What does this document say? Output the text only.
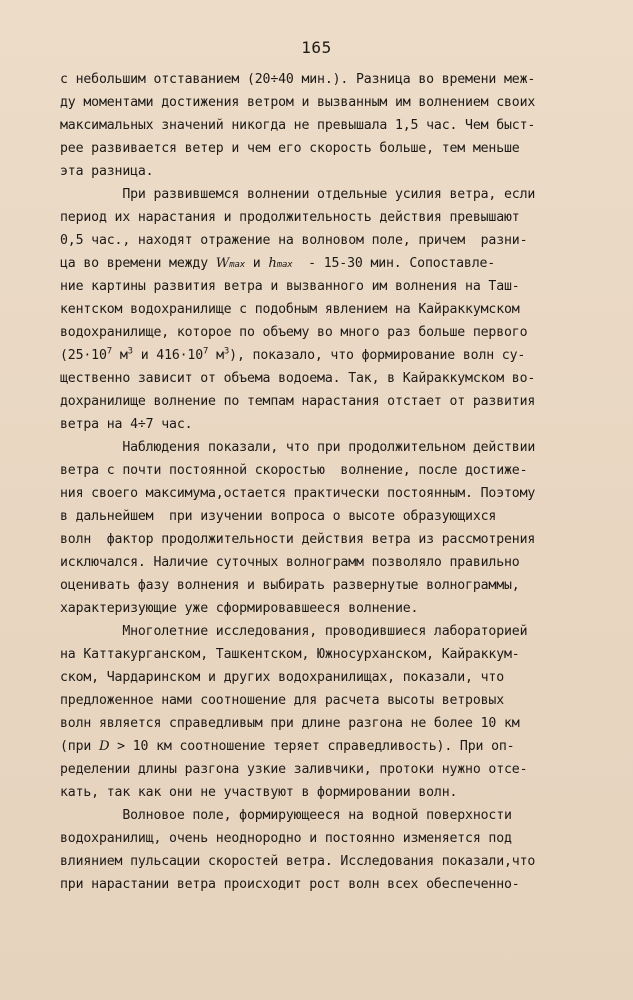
165
с небольшим отставанием (20÷40 мин.). Разница во времени меж-
ду моментами достижения ветром и вызванным им волнением своих
максимальных значений никогда не превышала 1,5 час. Чем быст-
рее развивается ветер и чем его скорость больше, тем меньше
эта разница.
При развившемся волнении отдельные усилия ветра, если
период их нарастания и продолжительность действия превышают
0,5 час., находят отражение на волновом поле, причем  разни-
ца во времени между Wmax и hmax  - 15-30 мин. Сопоставле-
ние картины развития ветра и вызванного им волнения на Таш-
кентском водохранилище с подобным явлением на Кайраккумском
водохранилище, которое по объему во много раз больше первого
($25\cdot 10^7$ $м^3$ и $416\cdot 10^7$ $м^3$), показало, что формирование волн су-
щественно зависит от объема водоема. Так, в Кайраккумском во-
дохранилище волнение по темпам нарастания отстает от развития
ветра на 4÷7 час.
Наблюдения показали, что при продолжительном действии
ветра с почти постоянной скоростью  волнение, после достиже-
ния своего максимума,остается практически постоянным. Поэтому
в дальнейшем  при изучении вопроса о высоте образующихся
волн  фактор продолжительности действия ветра из рассмотрения
исключался. Наличие суточных волнограмм позволяло правильно
оценивать фазу волнения и выбирать развернутые волнограммы,
характеризующие уже сформировавшееся волнение.
Многолетние исследования, проводившиеся лабораторией
на Каттакурганском, Ташкентском, Южносурханском, Кайраккум-
ском, Чардаринском и других водохранилищах, показали, что
предложенное нами соотношение для расчета высоты ветровых
волн является справедливым при длине разгона не более 10 км
(при D > 10 км соотношение теряет справедливость). При оп-
ределении длины разгона узкие заливчики, протоки нужно отсе-
кать, так как они не участвуют в формировании волн.
Волновое поле, формирующееся на водной поверхности
водохранилищ, очень неоднородно и постоянно изменяется под
влиянием пульсации скоростей ветра. Исследования показали,что
при нарастании ветра происходит рост волн всех обеспеченно-
